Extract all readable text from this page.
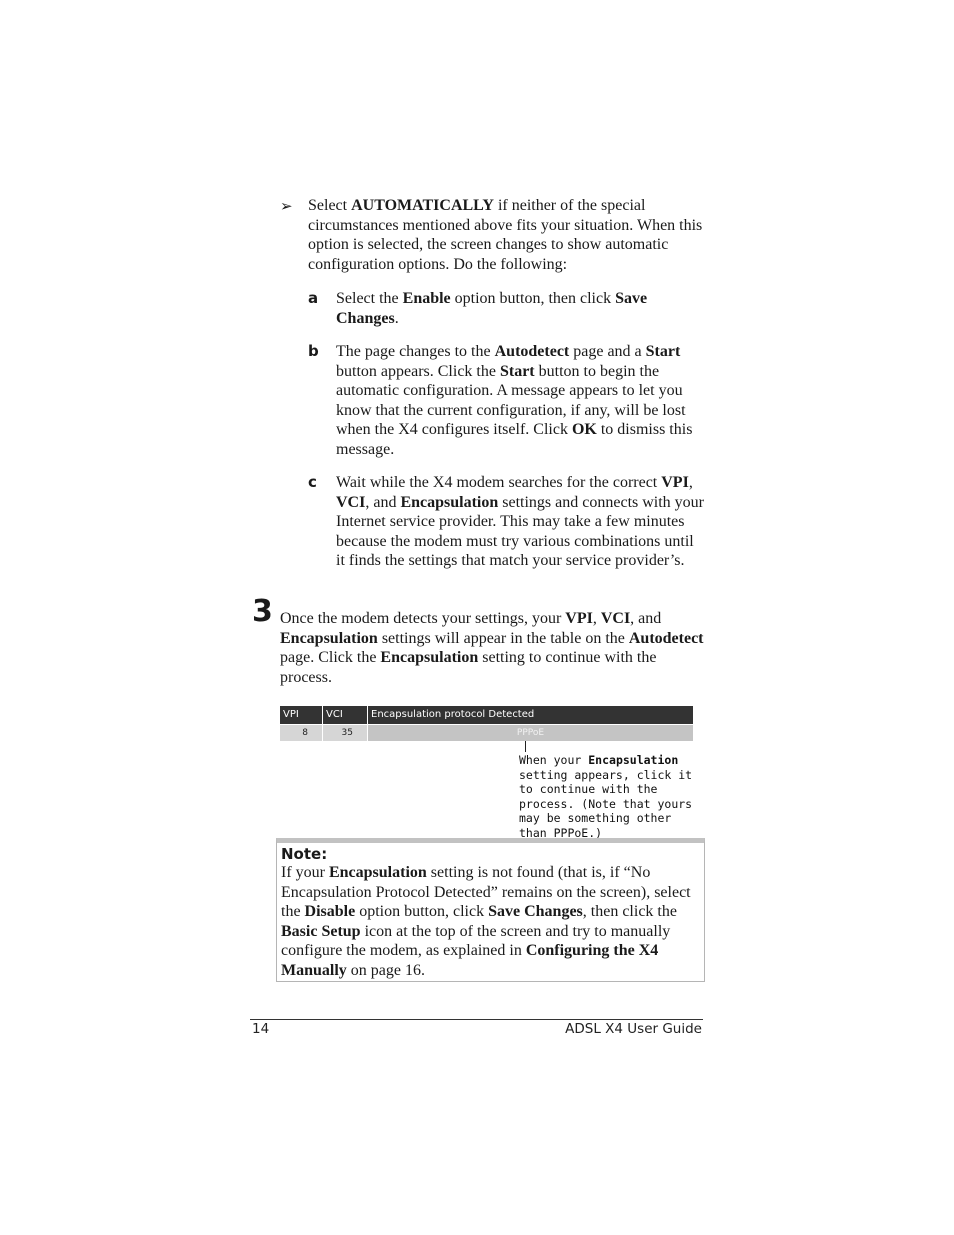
➢ Select AUTOMATICALLY if neither of the special circumstances mentioned above fits your situation. When this option is selected, the screen changes to show automatic configuration options. Do the following:
a Select the Enable option button, then click Save Changes.
b The page changes to the Autodetect page and a Start button appears. Click the Start button to begin the automatic configuration. A message appears to let you know that the current configuration, if any, will be lost when the X4 configures itself. Click OK to dismiss this message.
c Wait while the X4 modem searches for the correct VPI, VCI, and Encapsulation settings and connects with your Internet service provider. This may take a few minutes because the modem must try various combinations until it finds the settings that match your service provider’s.
3 Once the modem detects your settings, your VPI, VCI, and Encapsulation settings will appear in the table on the Autodetect page. Click the Encapsulation setting to continue with the process.
VPI	VCI	Encapsulation protocol Detected
8	35	PPPoE
When your Encapsulation setting appears, click it to continue with the process. (Note that yours may be something other than PPPoE.)
Note:
If your Encapsulation setting is not found (that is, if “No Encapsulation Protocol Detected” remains on the screen), select the Disable option button, click Save Changes, then click the Basic Setup icon at the top of the screen and try to manually configure the modem, as explained in Configuring the X4 Manually on page 16.
14	ADSL X4 User Guide
